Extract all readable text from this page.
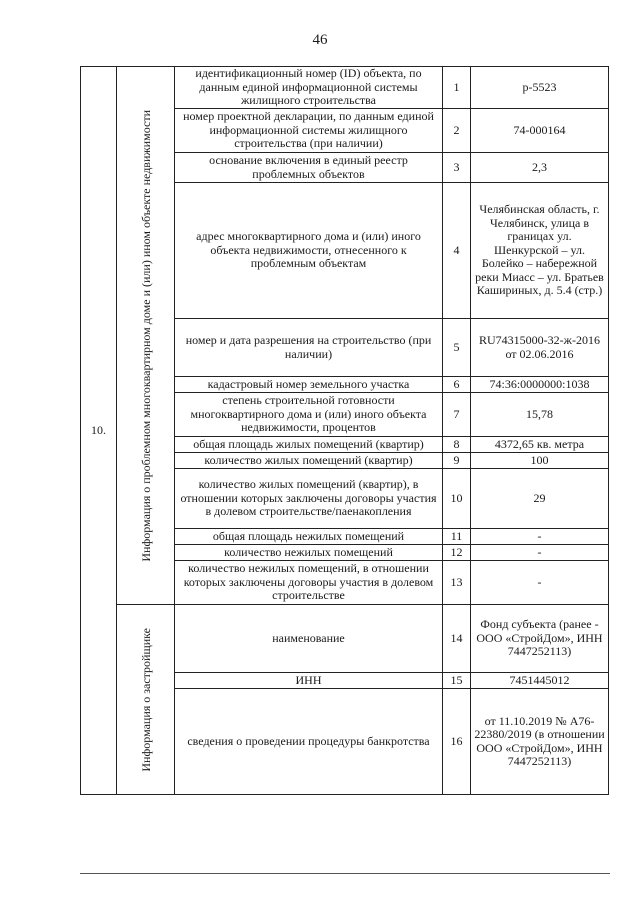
46
10.	Информация о проблемном многоквартирном доме и (или) ином объекте недвижимости	идентификационный номер (ID) объекта, по данным единой информационной системы жилищного строительства	1	p-5523
		номер проектной декларации, по данным единой информационной системы жилищного строительства (при наличии)	2	74-000164
		основание включения в единый реестр проблемных объектов	3	2,3
		адрес многоквартирного дома и (или) иного объекта недвижимости, отнесенного к проблемным объектам	4	Челябинская область, г. Челябинск, улица в границах ул. Шенкурской – ул. Болейко – набережной реки Миасс – ул. Братьев Кашириных, д. 5.4 (стр.)
		номер и дата разрешения на строительство (при наличии)	5	RU74315000-32-ж-2016 от 02.06.2016
		кадастровый номер земельного участка	6	74:36:0000000:1038
		степень строительной готовности многоквартирного дома и (или) иного объекта недвижимости, процентов	7	15,78
		общая площадь жилых помещений (квартир)	8	4372,65 кв. метра
		количество жилых помещений (квартир)	9	100
		количество жилых помещений (квартир), в отношении которых заключены договоры участия в долевом строительстве/паенакопления	10	29
		общая площадь нежилых помещений	11	-
		количество нежилых помещений	12	-
		количество нежилых помещений, в отношении которых заключены договоры участия в долевом строительстве	13	-

	Информация о застройщике	наименование	14	Фонд субъекта (ранее - ООО «СтройДом», ИНН 7447252113)
		ИНН	15	7451445012
		сведения о проведении процедуры банкротства	16	от 11.10.2019 № А76-22380/2019 (в отношении ООО «СтройДом», ИНН 7447252113)
